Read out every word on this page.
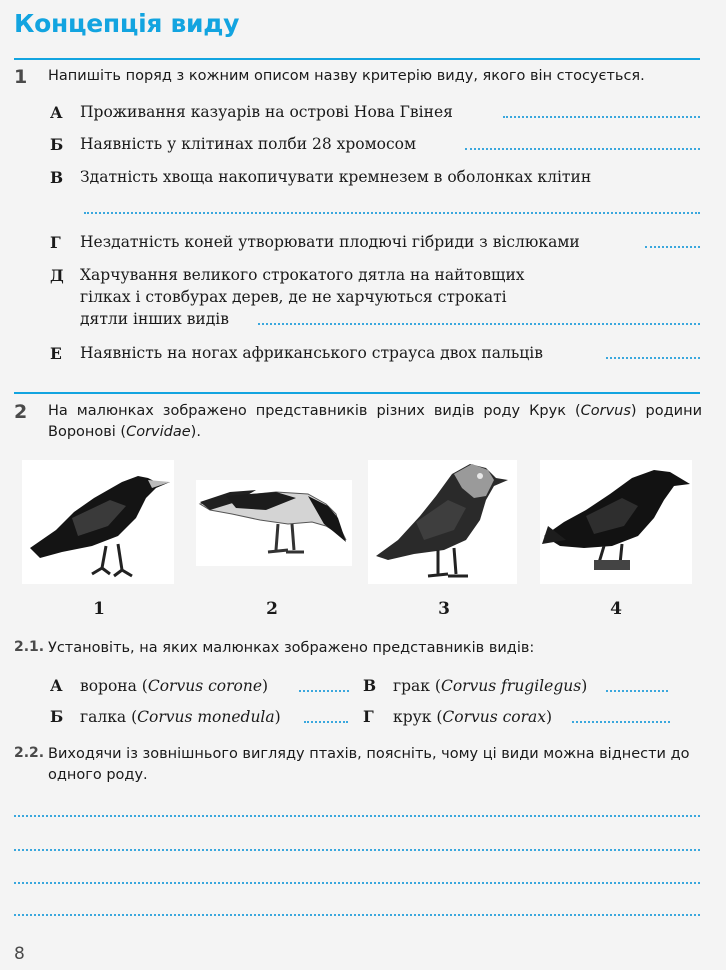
Концепція виду
1 Напишіть поряд з кожним описом назву критерію виду, якого він стосується.
А Проживання казуарів на острові Нова Гвінея
Б Наявність у клітинах полби 28 хромосом
В Здатність хвоща накопичувати кремнезем в оболонках клітин
Г Нездатність коней утворювати плодючі гібриди з віслюками
Д Харчування великого строкатого дятла на найтовщих
гілках і стовбурах дерев, де не харчуються строкаті
дятли інших видів
Е Наявність на ногах африканського страуса двох пальців
2 На малюнках зображено представників різних видів роду Крук (Corvus) родини Воронові (Corvidae).
1	2	3	4
2.1. Установіть, на яких малюнках зображено представників видів:
А ворона (Corvus corone)	В грак (Corvus frugilegus)
Б галка (Corvus monedula)	Г крук (Corvus corax)
2.2. Виходячи із зовнішнього вигляду птахів, поясніть, чому ці види можна віднести до одного роду.
8
